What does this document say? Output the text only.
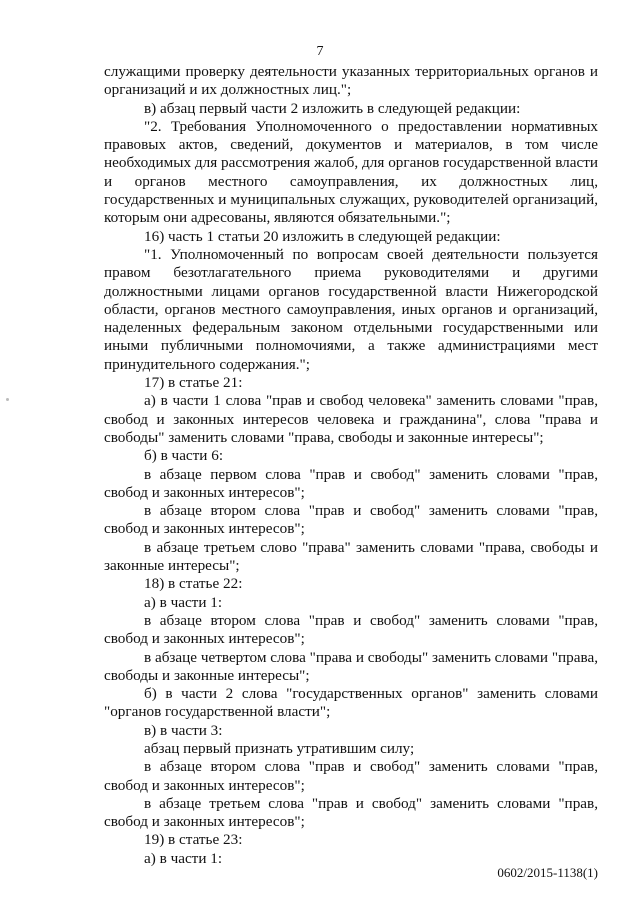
7

служащими проверку деятельности указанных территориальных органов и организаций и их должностных лиц.";

в) абзац первый части 2 изложить в следующей редакции:

"2. Требования Уполномоченного о предоставлении нормативных правовых актов, сведений, документов и материалов, в том числе необходимых для рассмотрения жалоб, для органов государственной власти и органов местного самоуправления, их должностных лиц, государственных и муниципальных служащих, руководителей организаций, которым они адресованы, являются обязательными.";

16) часть 1 статьи 20 изложить в следующей редакции:

"1. Уполномоченный по вопросам своей деятельности пользуется правом безотлагательного приема руководителями и другими должностными лицами органов государственной власти Нижегородской области, органов местного самоуправления, иных органов и организаций, наделенных федеральным законом отдельными государственными или иными публичными полномочиями, а также администрациями мест принудительного содержания.";

17) в статье 21:

а) в части 1 слова "прав и свобод человека" заменить словами "прав, свобод и законных интересов человека и гражданина", слова "права и свободы" заменить словами "права, свободы и законные интересы";

б) в части 6:

в абзаце первом слова "прав и свобод" заменить словами "прав, свобод и законных интересов";

в абзаце втором слова "прав и свобод" заменить словами "прав, свобод и законных интересов";

в абзаце третьем слово "права" заменить словами "права, свободы и законные интересы";

18) в статье 22:

а) в части 1:

в абзаце втором слова "прав и свобод" заменить словами "прав, свобод и законных интересов";

в абзаце четвертом слова "права и свободы" заменить словами "права, свободы и законные интересы";

б) в части 2 слова "государственных органов" заменить словами "органов государственной власти";

в) в части 3:

абзац первый признать утратившим силу;

в абзаце втором слова "прав и свобод" заменить словами "прав, свобод и законных интересов";

в абзаце третьем слова "прав и свобод" заменить словами "прав, свобод и законных интересов";

19) в статье 23:

а) в части 1:

0602/2015-1138(1)
